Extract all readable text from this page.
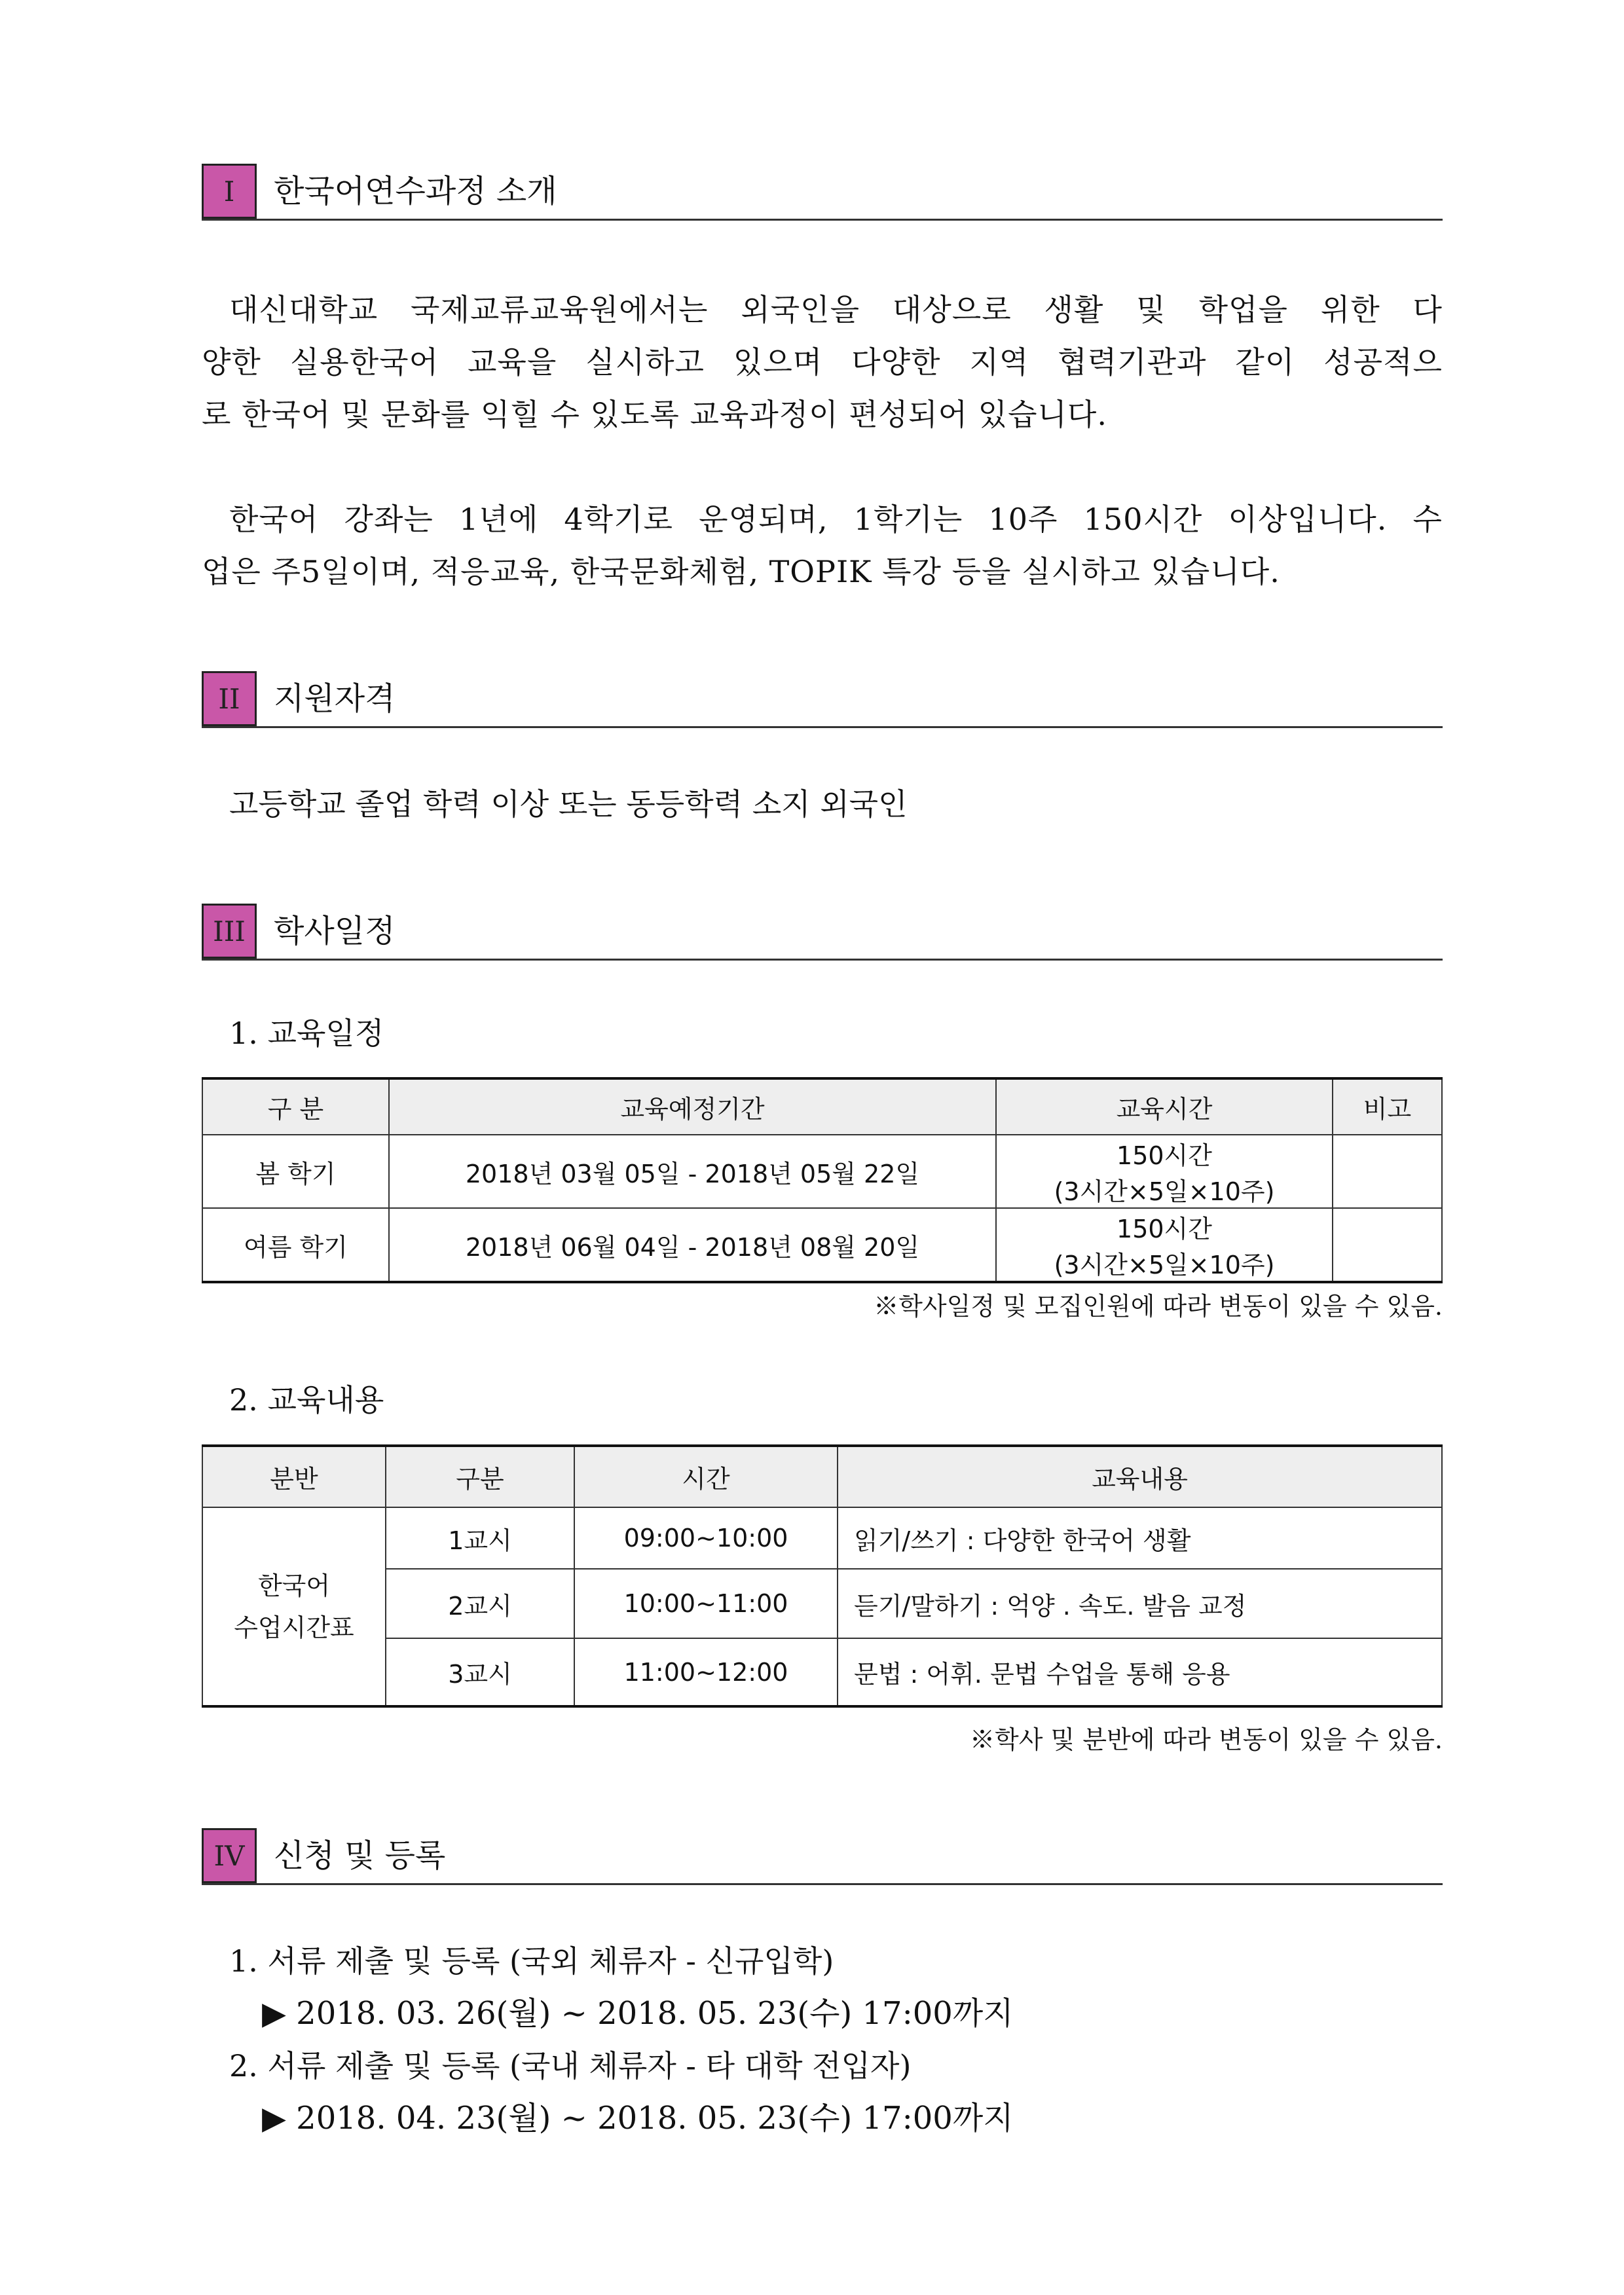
I	한국어연수과정 소개
대신대학교 국제교류교육원에서는 외국인을 대상으로 생활 및 학업을 위한 다
양한 실용한국어 교육을 실시하고 있으며 다양한 지역 협력기관과 같이 성공적으
로 한국어 및 문화를 익힐 수 있도록 교육과정이 편성되어 있습니다.
한국어 강좌는 1년에 4학기로 운영되며, 1학기는 10주 150시간 이상입니다. 수
업은 주5일이며, 적응교육, 한국문화체험, TOPIK 특강 등을 실시하고 있습니다.
II	지원자격
고등학교 졸업 학력 이상 또는 동등학력 소지 외국인
III 학사일정
1. 교육일정
구 분	교육예정기간	교육시간	비고
봄 학기	2018년 03월 05일 - 2018년 05월 22일	150시간
(3시간×5일×10주)	

여름 학기	2018년 06월 04일 - 2018년 08월 20일	150시간
(3시간×5일×10주)	

※학사일정 및 모집인원에 따라 변동이 있을 수 있음.
2. 교육내용
분반	구분	시간	교육내용

한국어
수업시간표	1교시	09:00~10:00	읽기/쓰기 : 다양한 한국어 생활
	2교시	10:00~11:00	듣기/말하기 : 억양 . 속도. 발음 교정
	3교시	11:00~12:00	문법 : 어휘. 문법 수업을 통해 응용
※학사 및 분반에 따라 변동이 있을 수 있음.
IV 신청 및 등록
1. 서류 제출 및 등록 (국외 체류자 - 신규입학)
▶ 2018. 03. 26(월) ~ 2018. 05. 23(수) 17:00까지
2. 서류 제출 및 등록 (국내 체류자 - 타 대학 전입자)
▶ 2018. 04. 23(월) ~ 2018. 05. 23(수) 17:00까지
